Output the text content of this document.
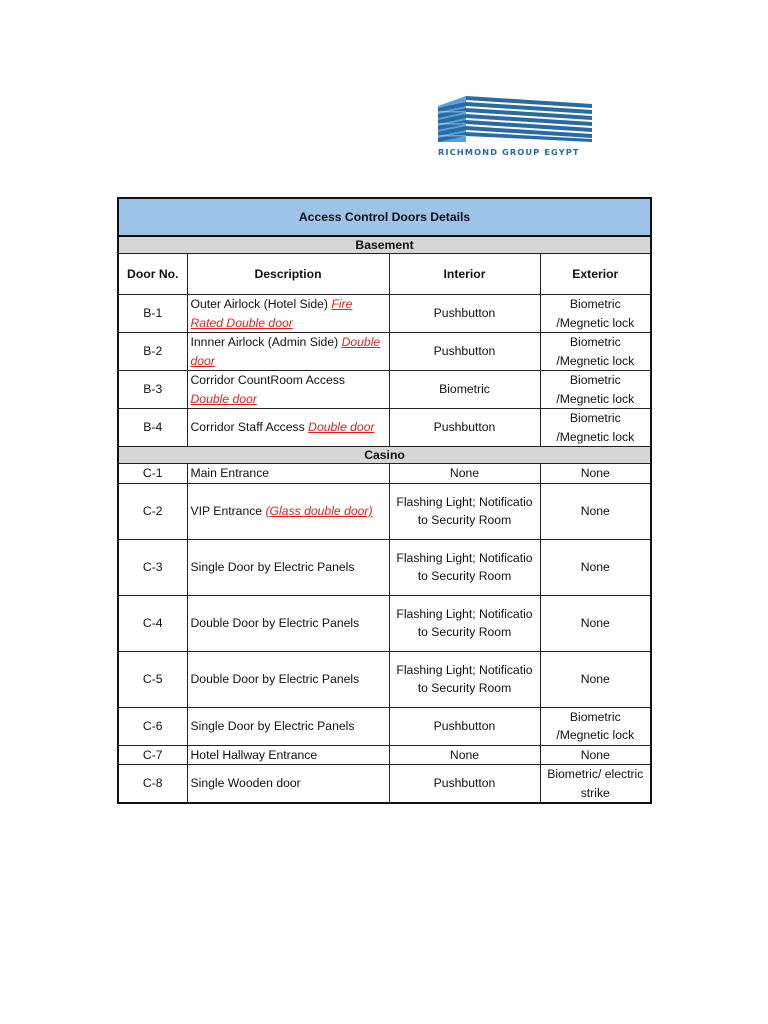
RICHMOND GROUP EGYPT
Access Control Doors Details			
Basement			
Door No.	Description	Interior	Exterior
B-1	Outer Airlock (Hotel Side) Fire Rated Double door	Pushbutton	Biometric /Megnetic lock
B-2	Innner Airlock (Admin Side) Double door	Pushbutton	Biometric /Megnetic lock
B-3	Corridor CountRoom Access Double door	Biometric	Biometric /Megnetic lock
B-4	Corridor Staff Access Double door	Pushbutton	Biometric /Megnetic lock
Casino			
C-1	Main Entrance	None	None
C-2	VIP Entrance (Glass double door)	Flashing Light; Notificatio to Security Room	None
C-3	Single Door by Electric Panels	Flashing Light; Notificatio to Security Room	None
C-4	Double Door by Electric Panels	Flashing Light; Notificatio to Security Room	None
C-5	Double Door by Electric Panels	Flashing Light; Notificatio to Security Room	None
C-6	Single Door by Electric Panels	Pushbutton	Biometric /Megnetic lock
C-7	Hotel Hallway Entrance	None	None
C-8	Single Wooden door	Pushbutton	Biometric/ electric strike
